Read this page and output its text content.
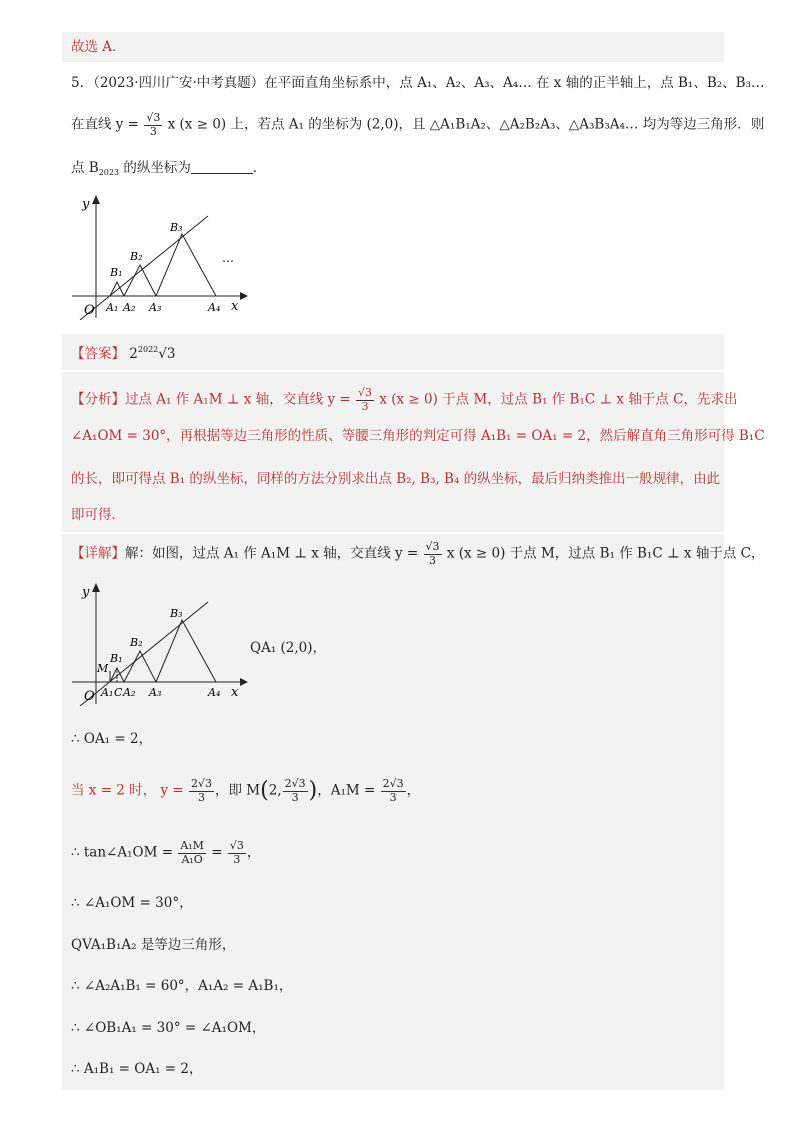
故选 A．
5．（2023·四川广安·中考真题）在平面直角坐标系中，点 A₁、A₂、A₃、A₄… 在 x 轴的正半轴上，点 B₁、B₂、B₃…
在直线 $y = \frac{√3}{3}$ x (x ≥ 0) 上，若点 A₁ 的坐标为 (2,0)，且 △A₁B₁A₂、△A₂B₂A₃、△A₃B₃A₄… 均为等边三角形．则
点 $B_{2023}$ 的纵坐标为	．
y
x
O
B₁
B₂
B₃
A₁ A₂ A₃	A₄
…
【答案】 $2^{2022}√3$
【分析】过点 A₁ 作 A₁M ⊥ x 轴，交直线 $y = \frac{√3}{3}$ x (x ≥ 0) 于点 M，过点 B₁ 作 B₁C ⊥ x 轴于点 C，先求出
∠A₁OM = 30°，再根据等边三角形的性质、等腰三角形的判定可得 A₁B₁ = OA₁ = 2，然后解直角三角形可得 B₁C
的长，即可得点 B₁ 的纵坐标，同样的方法分别求出点 B₂, B₃, B₄ 的纵坐标，最后归纳类推出一般规律，由此
即可得．
【详解】解：如图，过点 A₁ 作 A₁M ⊥ x 轴，交直线 $y = \frac{√3}{3}$ x (x ≥ 0) 于点 M，过点 B₁ 作 B₁C ⊥ x 轴于点 C，
y
x
O
B₁
B₂
B₃
M
A₁ C A₂ A₃	A₄
QA₁ (2,0)，
∴ OA₁ = 2，
当 x = 2 时， $y = \frac{2√3}{3}$ ，即 M(2, $\frac{2√3}{3}$ )，$A_1M = \frac{2√3}{3}$ ，
∴ tan∠A₁OM = $\frac{\text{A₁M}}{\text{A₁O}} = \frac{√3}{3}$ ，
∴ ∠A₁OM = 30°，
QVA₁B₁A₂ 是等边三角形，
∴ ∠A₂A₁B₁ = 60°，A₁A₂ = A₁B₁，
∴ ∠OB₁A₁ = 30° = ∠A₁OM，
∴ A₁B₁ = OA₁ = 2，
